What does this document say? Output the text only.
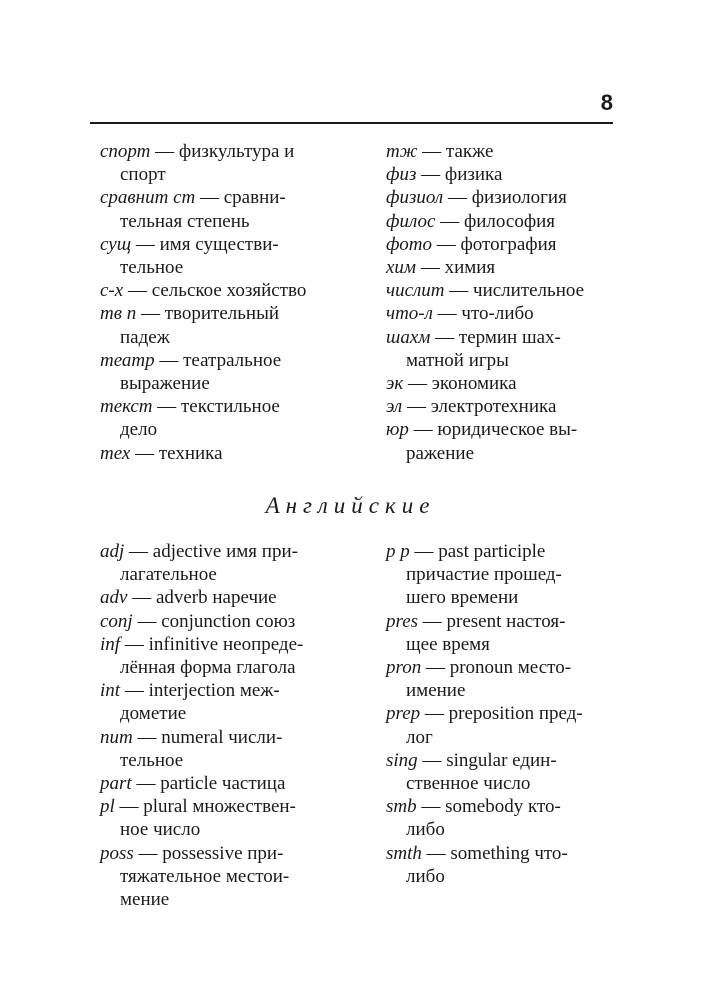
8

спорт — физкультура и
спорт

сравнит ст — сравни-
тельная степень

сущ — имя существи-
тельное

с-х — сельское хозяйство

тв п — творительный
падеж

театр — театральное
выражение

текст — текстильное
дело

тех — техника

тж — также

физ — физика

физиол — физиология

филос — философия

фото — фотография

хим — химия

числит — числительное

что-л — что-либо

шахм — термин шах-
матной игры

эк — экономика

эл — электротехника

юр — юридическое вы-
ражение

Английские

adj — adjective имя при-
лагательное

adv — adverb наречие

conj — conjunction союз

inf — infinitive неопреде-
лённая форма глагола

int — interjection меж-
дометие

num — numeral числи-
тельное

part — particle частица

pl — plural множествен-
ное число

poss — possessive при-
тяжательное местои-
мение

p p — past participle
причастие прошед-
шего времени

pres — present настоя-
щее время

pron — pronoun место-
имение

prep — preposition пред-
лог

sing — singular един-
ственное число

smb — somebody кто-
либо

smth — something что-
либо
